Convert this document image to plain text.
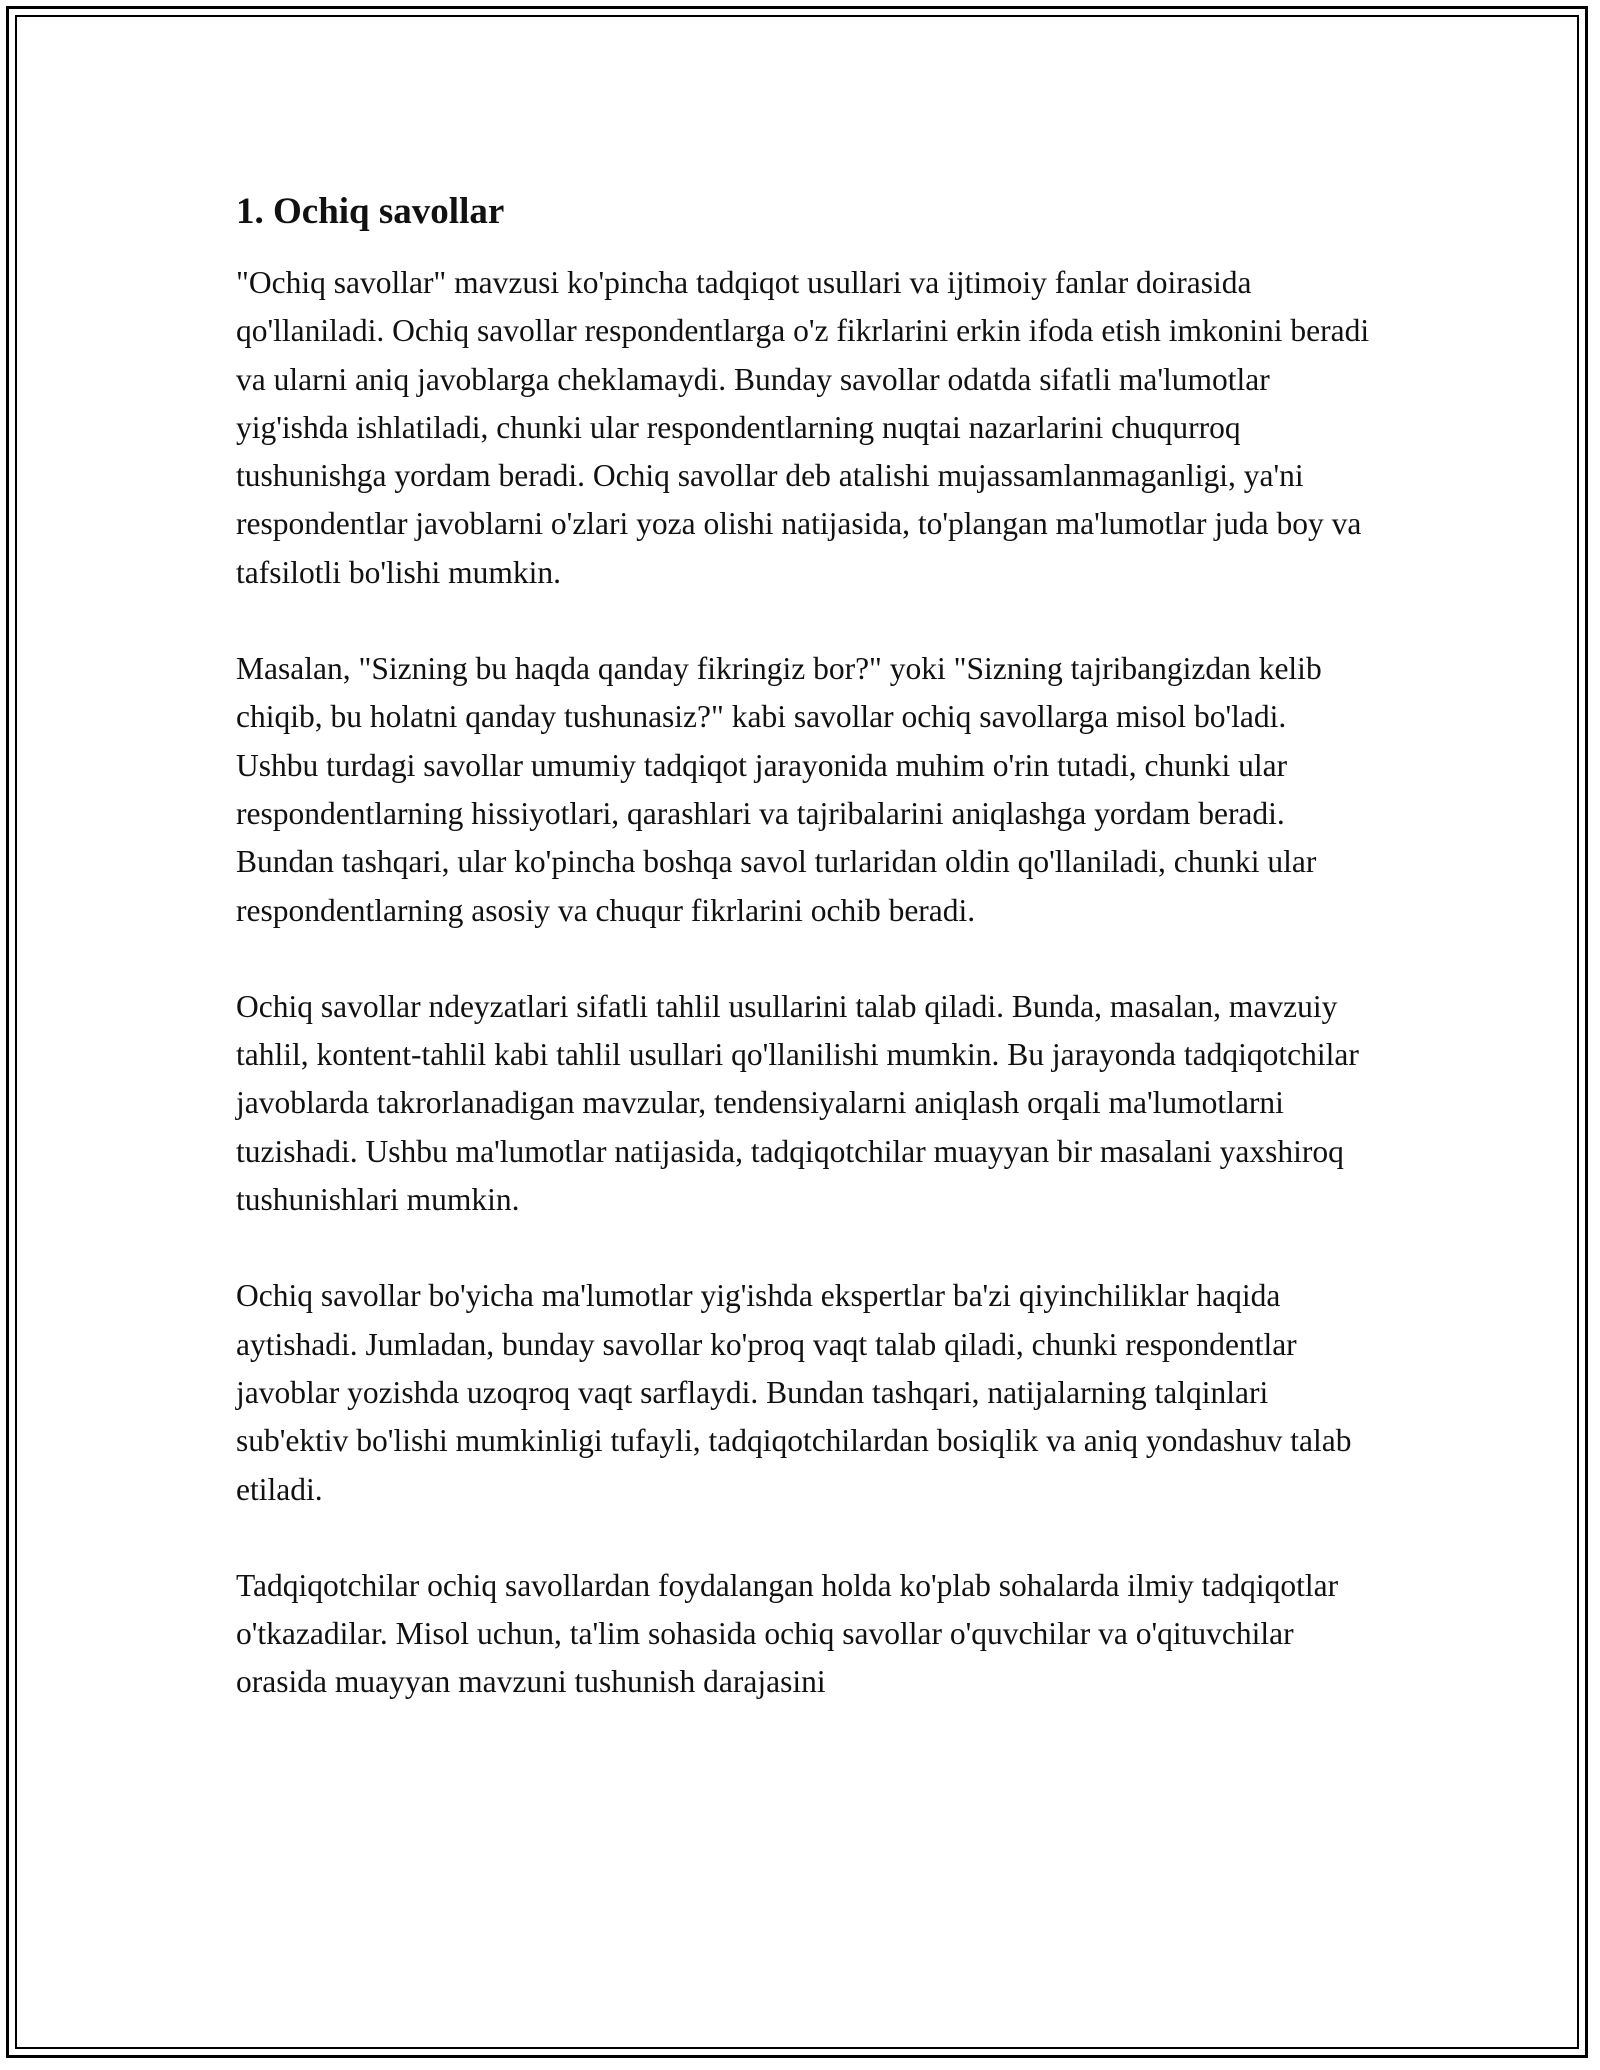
1. Ochiq savollar

"Ochiq savollar" mavzusi ko'pincha tadqiqot usullari va ijtimoiy fanlar doirasida qo'llaniladi. Ochiq savollar respondentlarga o'z fikrlarini erkin ifoda etish imkonini beradi va ularni aniq javoblarga cheklamaydi. Bunday savollar odatda sifatli ma'lumotlar yig'ishda ishlatiladi, chunki ular respondentlarning nuqtai nazarlarini chuqurroq tushunishga yordam beradi. Ochiq savollar deb atalishi mujassamlanmaganligi, ya'ni respondentlar javoblarni o'zlari yoza olishi natijasida, to'plangan ma'lumotlar juda boy va tafsilotli bo'lishi mumkin.

Masalan, "Sizning bu haqda qanday fikringiz bor?" yoki "Sizning tajribangizdan kelib chiqib, bu holatni qanday tushunasiz?" kabi savollar ochiq savollarga misol bo'ladi. Ushbu turdagi savollar umumiy tadqiqot jarayonida muhim o'rin tutadi, chunki ular respondentlarning hissiyotlari, qarashlari va tajribalarini aniqlashga yordam beradi. Bundan tashqari, ular ko'pincha boshqa savol turlaridan oldin qo'llaniladi, chunki ular respondentlarning asosiy va chuqur fikrlarini ochib beradi.

Ochiq savollar ndeyzatlari sifatli tahlil usullarini talab qiladi. Bunda, masalan, mavzuiy tahlil, kontent-tahlil kabi tahlil usullari qo'llanilishi mumkin. Bu jarayonda tadqiqotchilar javoblarda takrorlanadigan mavzular, tendensiyalarni aniqlash orqali ma'lumotlarni tuzishadi. Ushbu ma'lumotlar natijasida, tadqiqotchilar muayyan bir masalani yaxshiroq tushunishlari mumkin.

Ochiq savollar bo'yicha ma'lumotlar yig'ishda ekspertlar ba'zi qiyinchiliklar haqida aytishadi. Jumladan, bunday savollar ko'proq vaqt talab qiladi, chunki respondentlar javoblar yozishda uzoqroq vaqt sarflaydi. Bundan tashqari, natijalarning talqinlari sub'ektiv bo'lishi mumkinligi tufayli, tadqiqotchilardan bosiqlik va aniq yondashuv talab etiladi.

Tadqiqotchilar ochiq savollardan foydalangan holda ko'plab sohalarda ilmiy tadqiqotlar o'tkazadilar. Misol uchun, ta'lim sohasida ochiq savollar o'quvchilar va o'qituvchilar orasida muayyan mavzuni tushunish darajasini
